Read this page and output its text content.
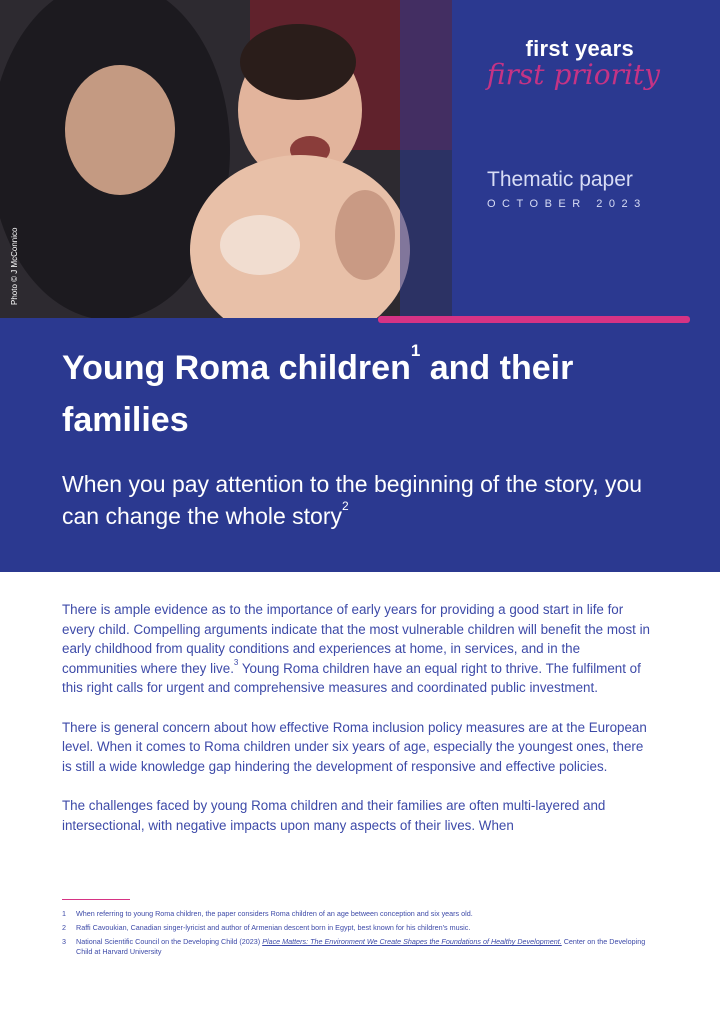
Photo © J McConnico
first years
first priority
Thematic paper
OCTOBER 2023
Young Roma children$^1$ and their families

When you pay attention to the beginning of the story, you can change the whole story$^2$

There is ample evidence as to the importance of early years for providing a good start in life for every child. Compelling arguments indicate that the most vulnerable children will benefit the most in early childhood from quality conditions and experiences at home, in services, and in the communities where they live.$^3$ Young Roma children have an equal right to thrive. The fulfilment of this right calls for urgent and comprehensive measures and coordinated public investment.

There is general concern about how effective Roma inclusion policy measures are at the European level. When it comes to Roma children under six years of age, especially the youngest ones, there is still a wide knowledge gap hindering the development of responsive and effective policies.

The challenges faced by young Roma children and their families are often multi-layered and intersectional, with negative impacts upon many aspects of their lives. When

1	When referring to young Roma children, the paper considers Roma children of an age between conception and six years old.
2	Raffi Cavoukian, Canadian singer-lyricist and author of Armenian descent born in Egypt, best known for his children's music.
3	National Scientific Council on the Developing Child (2023) Place Matters: The Environment We Create Shapes the Foundations of Healthy Development. Center on the Developing Child at Harvard University
